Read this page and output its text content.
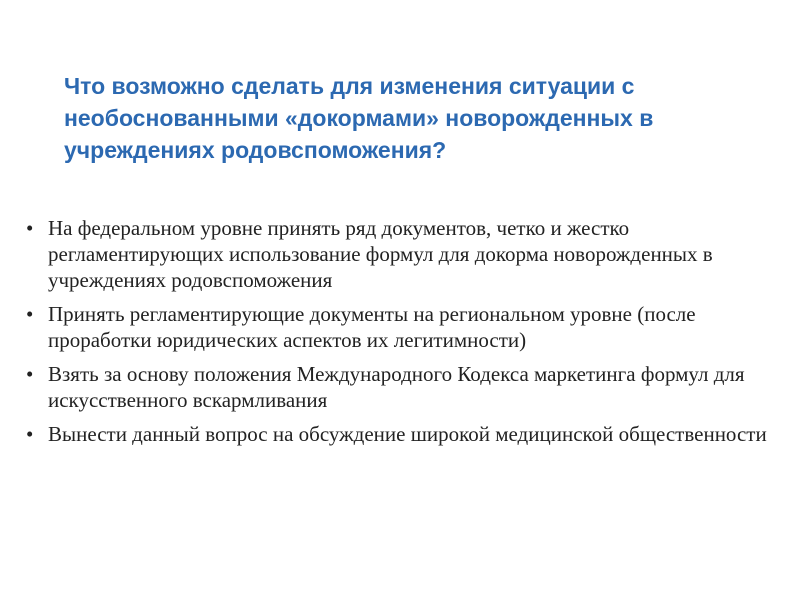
Что возможно сделать для изменения ситуации с необоснованными «докормами» новорожденных в учреждениях родовспоможения?
• На федеральном уровне принять ряд документов, четко и жестко регламентирующих использование формул для докорма новорожденных в учреждениях родовспоможения
• Принять регламентирующие документы на региональном уровне (после проработки юридических аспектов их легитимности)
• Взять за основу положения Международного Кодекса маркетинга формул для искусственного вскармливания
• Вынести данный вопрос на обсуждение широкой медицинской общественности
